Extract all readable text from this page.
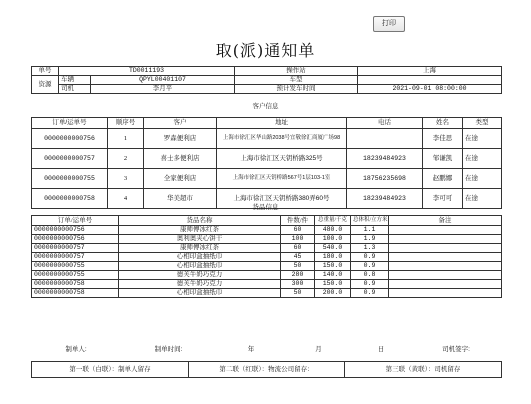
打印
取(派)通知单
单号	TD0011193		操作站	上海
资源	车辆	QPYL00401107	车型	
	司机	李月平	预计发车时间	2021-09-01 08:00:00
客户信息
订单/运单号	顺序号	客户	地址	电话	姓名	类型
0000000000756	1	罗森便利店	上海市徐汇区华山路2038号宜敬徐汇商厦广场98		李佳思	在途
0000000000757	2	喜士多便利店	上海市徐汇区天钥桥路325号	18239484923	邹谦凯	在途
0000000000755	3	全家便利店	上海市徐汇区天钥桥路567号1层103-1室	18756235698	赵鹏娜	在途
0000000000758	4	华美超市	上海市徐汇区天钥桥路380弄60号	18239484923	李可可	在途
货品信息
订单/运单号	货品名称	件数/件	总重量/千克	总体积/立方米	备注
0000000000756	康师傅冰红茶	60	480.0	1.1	
0000000000756	奥利奥夹心饼干	100	100.0	1.9	
0000000000757	康师傅冰红茶	60	540.0	1.3	
0000000000757	心相印盒抽纸巾	45	180.0	0.9	
0000000000755	心相印盒抽纸巾	50	150.0	0.9	
0000000000755	德芙牛奶巧克力	280	140.0	0.8	
0000000000758	德芙牛奶巧克力	300	150.0	0.9	
0000000000758	心相印盒抽纸巾	50	200.0	0.9	
制单人:	制单时间:	年	月	日	司机签字:
第一联（白联）：制单人留存	第二联（红联）：物流公司留存：	第三联（黄联）：司机留存
